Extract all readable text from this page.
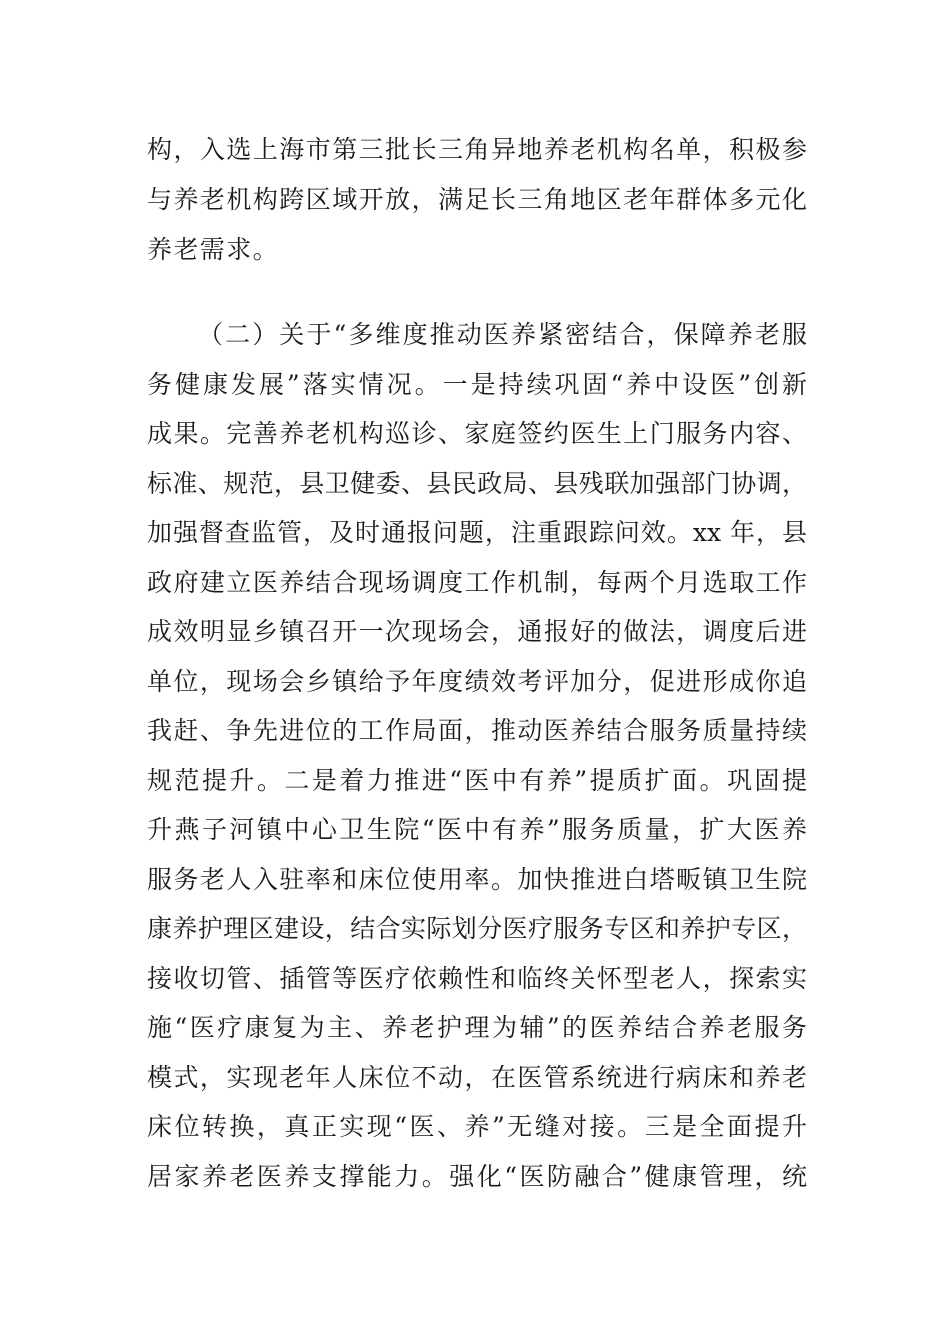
构，入选上海市第三批长三角异地养老机构名单，积极参

与养老机构跨区域开放，满足长三角地区老年群体多元化

养老需求。

（二）关于“多维度推动医养紧密结合，保障养老服

务健康发展”落实情况。一是持续巩固“养中设医”创新

成果。完善养老机构巡诊、家庭签约医生上门服务内容、

标准、规范，县卫健委、县民政局、县残联加强部门协调，

加强督查监管，及时通报问题，注重跟踪问效。xx 年，县

政府建立医养结合现场调度工作机制，每两个月选取工作

成效明显乡镇召开一次现场会，通报好的做法，调度后进

单位，现场会乡镇给予年度绩效考评加分，促进形成你追

我赶、争先进位的工作局面，推动医养结合服务质量持续

规范提升。二是着力推进“医中有养”提质扩面。巩固提

升燕子河镇中心卫生院“医中有养”服务质量，扩大医养

服务老人入驻率和床位使用率。加快推进白塔畈镇卫生院

康养护理区建设，结合实际划分医疗服务专区和养护专区，

接收切管、插管等医疗依赖性和临终关怀型老人，探索实

施“医疗康复为主、养老护理为辅”的医养结合养老服务

模式，实现老年人床位不动，在医管系统进行病床和养老

床位转换，真正实现“医、养”无缝对接。三是全面提升

居家养老医养支撑能力。强化“医防融合”健康管理，统
